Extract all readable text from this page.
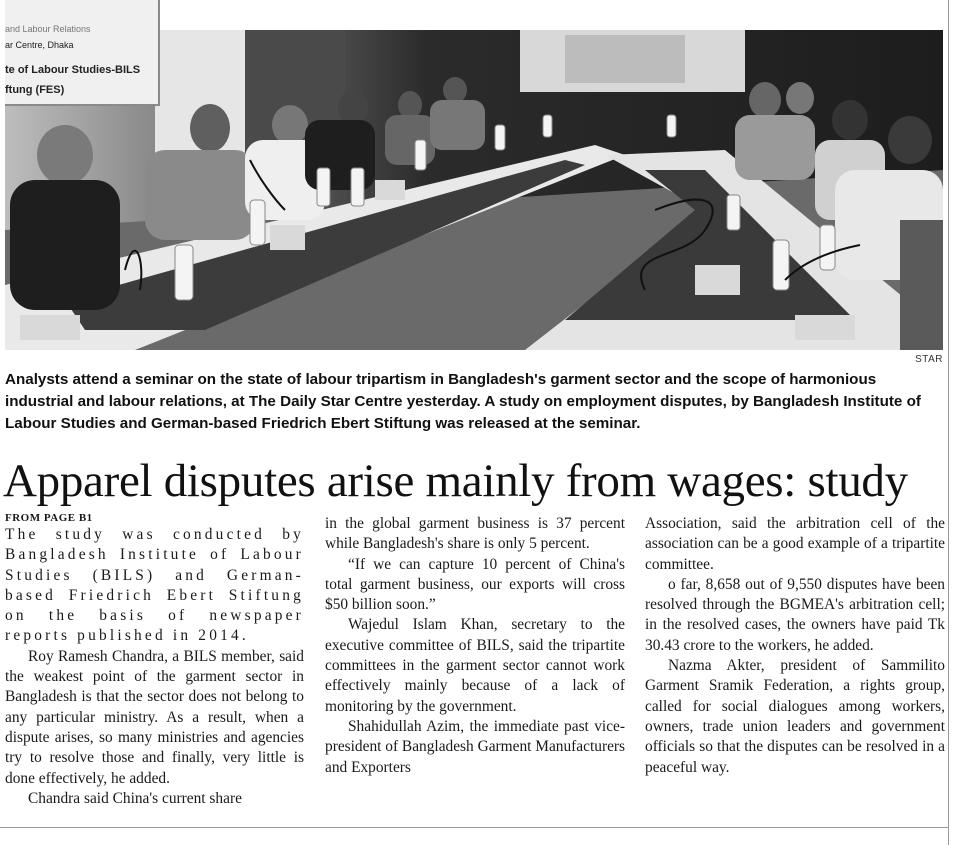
and Labour Relations
ar Centre, Dhaka
te of Labour Studies-BILS
ftung (FES)
STAR
Analysts attend a seminar on the state of labour tripartism in Bangladesh's garment sector and the scope of harmonious industrial and labour relations, at The Daily Star Centre yesterday. A study on employment disputes, by Bangladesh Institute of Labour Studies and German-based Friedrich Ebert Stiftung was released at the seminar.
Apparel disputes arise mainly from wages: study
FROM PAGE B1

The study was conducted by Bangladesh Institute of Labour Studies (BILS) and German-based Friedrich Ebert Stiftung on the basis of newspaper reports published in 2014.

Roy Ramesh Chandra, a BILS member, said the weakest point of the garment sector in Bangladesh is that the sector does not belong to any particular ministry. As a result, when a dispute arises, so many ministries and agencies try to resolve those and finally, very little is done effectively, he added.

Chandra said China's current share

in the global garment business is 37 percent while Bangladesh's share is only 5 percent.

“If we can capture 10 percent of China's total garment business, our exports will cross $50 billion soon.”

Wajedul Islam Khan, secretary to the executive committee of BILS, said the tripartite committees in the garment sector cannot work effectively mainly because of a lack of monitoring by the government.

Shahidullah Azim, the immediate past vice-president of Bangladesh Garment Manufacturers and Exporters

Association, said the arbitration cell of the association can be a good example of a tripartite committee.

o far, 8,658 out of 9,550 disputes have been resolved through the BGMEA's arbitration cell; in the resolved cases, the owners have paid Tk 30.43 crore to the workers, he added.

Nazma Akter, president of Sammilito Garment Sramik Federation, a rights group, called for social dialogues among workers, owners, trade union leaders and government officials so that the disputes can be resolved in a peaceful way.
